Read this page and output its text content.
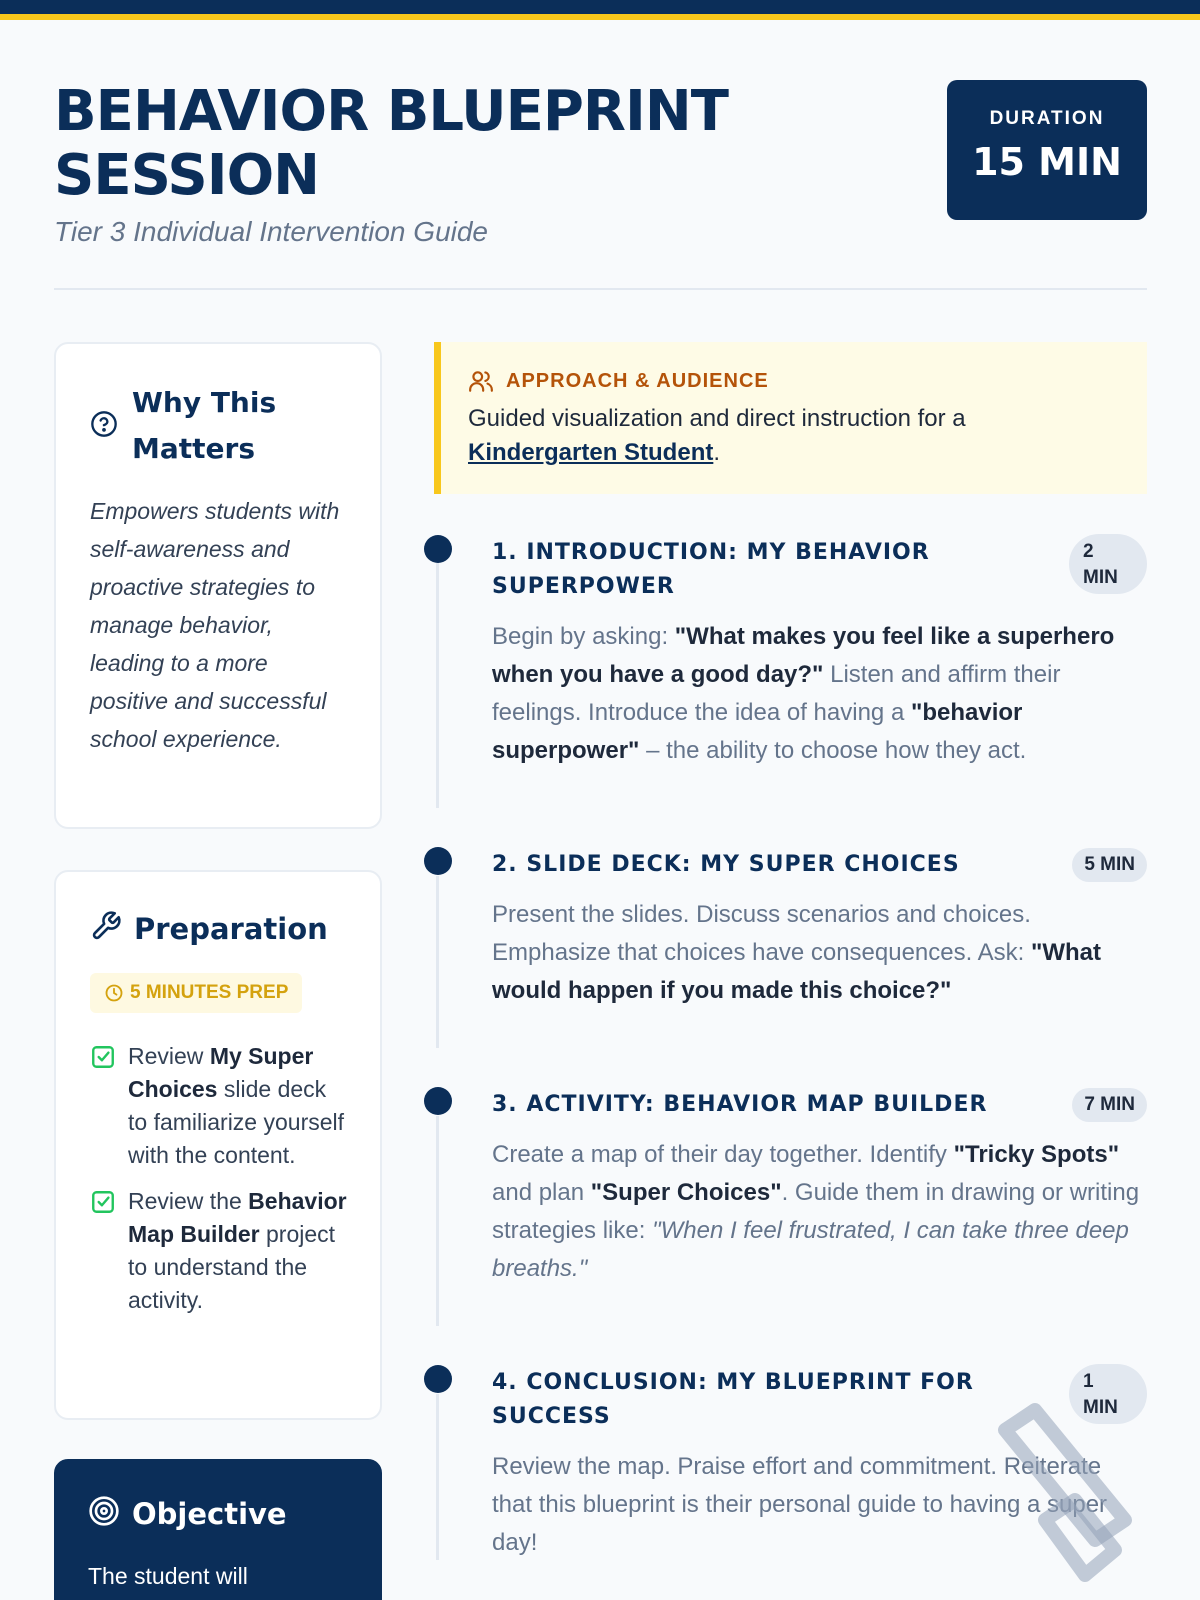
BEHAVIOR BLUEPRINT SESSION
Tier 3 Individual Intervention Guide
DURATION
15 MIN
Why This Matters

Empowers students with self-awareness and proactive strategies to manage behavior, leading to a more positive and successful school experience.

Preparation
5 MINUTES PREP
Review My Super Choices slide deck to familiarize yourself with the content.
Review the Behavior Map Builder project to understand the activity.
Objective
The student will
APPROACH & AUDIENCE

Guided visualization and direct instruction for a Kindergarten Student.

1. INTRODUCTION: MY BEHAVIOR SUPERPOWER
2 MIN

Begin by asking: "What makes you feel like a superhero when you have a good day?" Listen and affirm their feelings. Introduce the idea of having a "behavior superpower" – the ability to choose how they act.

2. SLIDE DECK: MY SUPER CHOICES	5 MIN

Present the slides. Discuss scenarios and choices. Emphasize that choices have consequences. Ask: "What would happen if you made this choice?"

3. ACTIVITY: BEHAVIOR MAP BUILDER	7 MIN

Create a map of their day together. Identify "Tricky Spots" and plan "Super Choices". Guide them in drawing or writing strategies like: "When I feel frustrated, I can take three deep breaths."

4. CONCLUSION: MY BLUEPRINT FOR SUCCESS
1 MIN

Review the map. Praise effort and commitment. Reiterate that this blueprint is their personal guide to having a super day!
